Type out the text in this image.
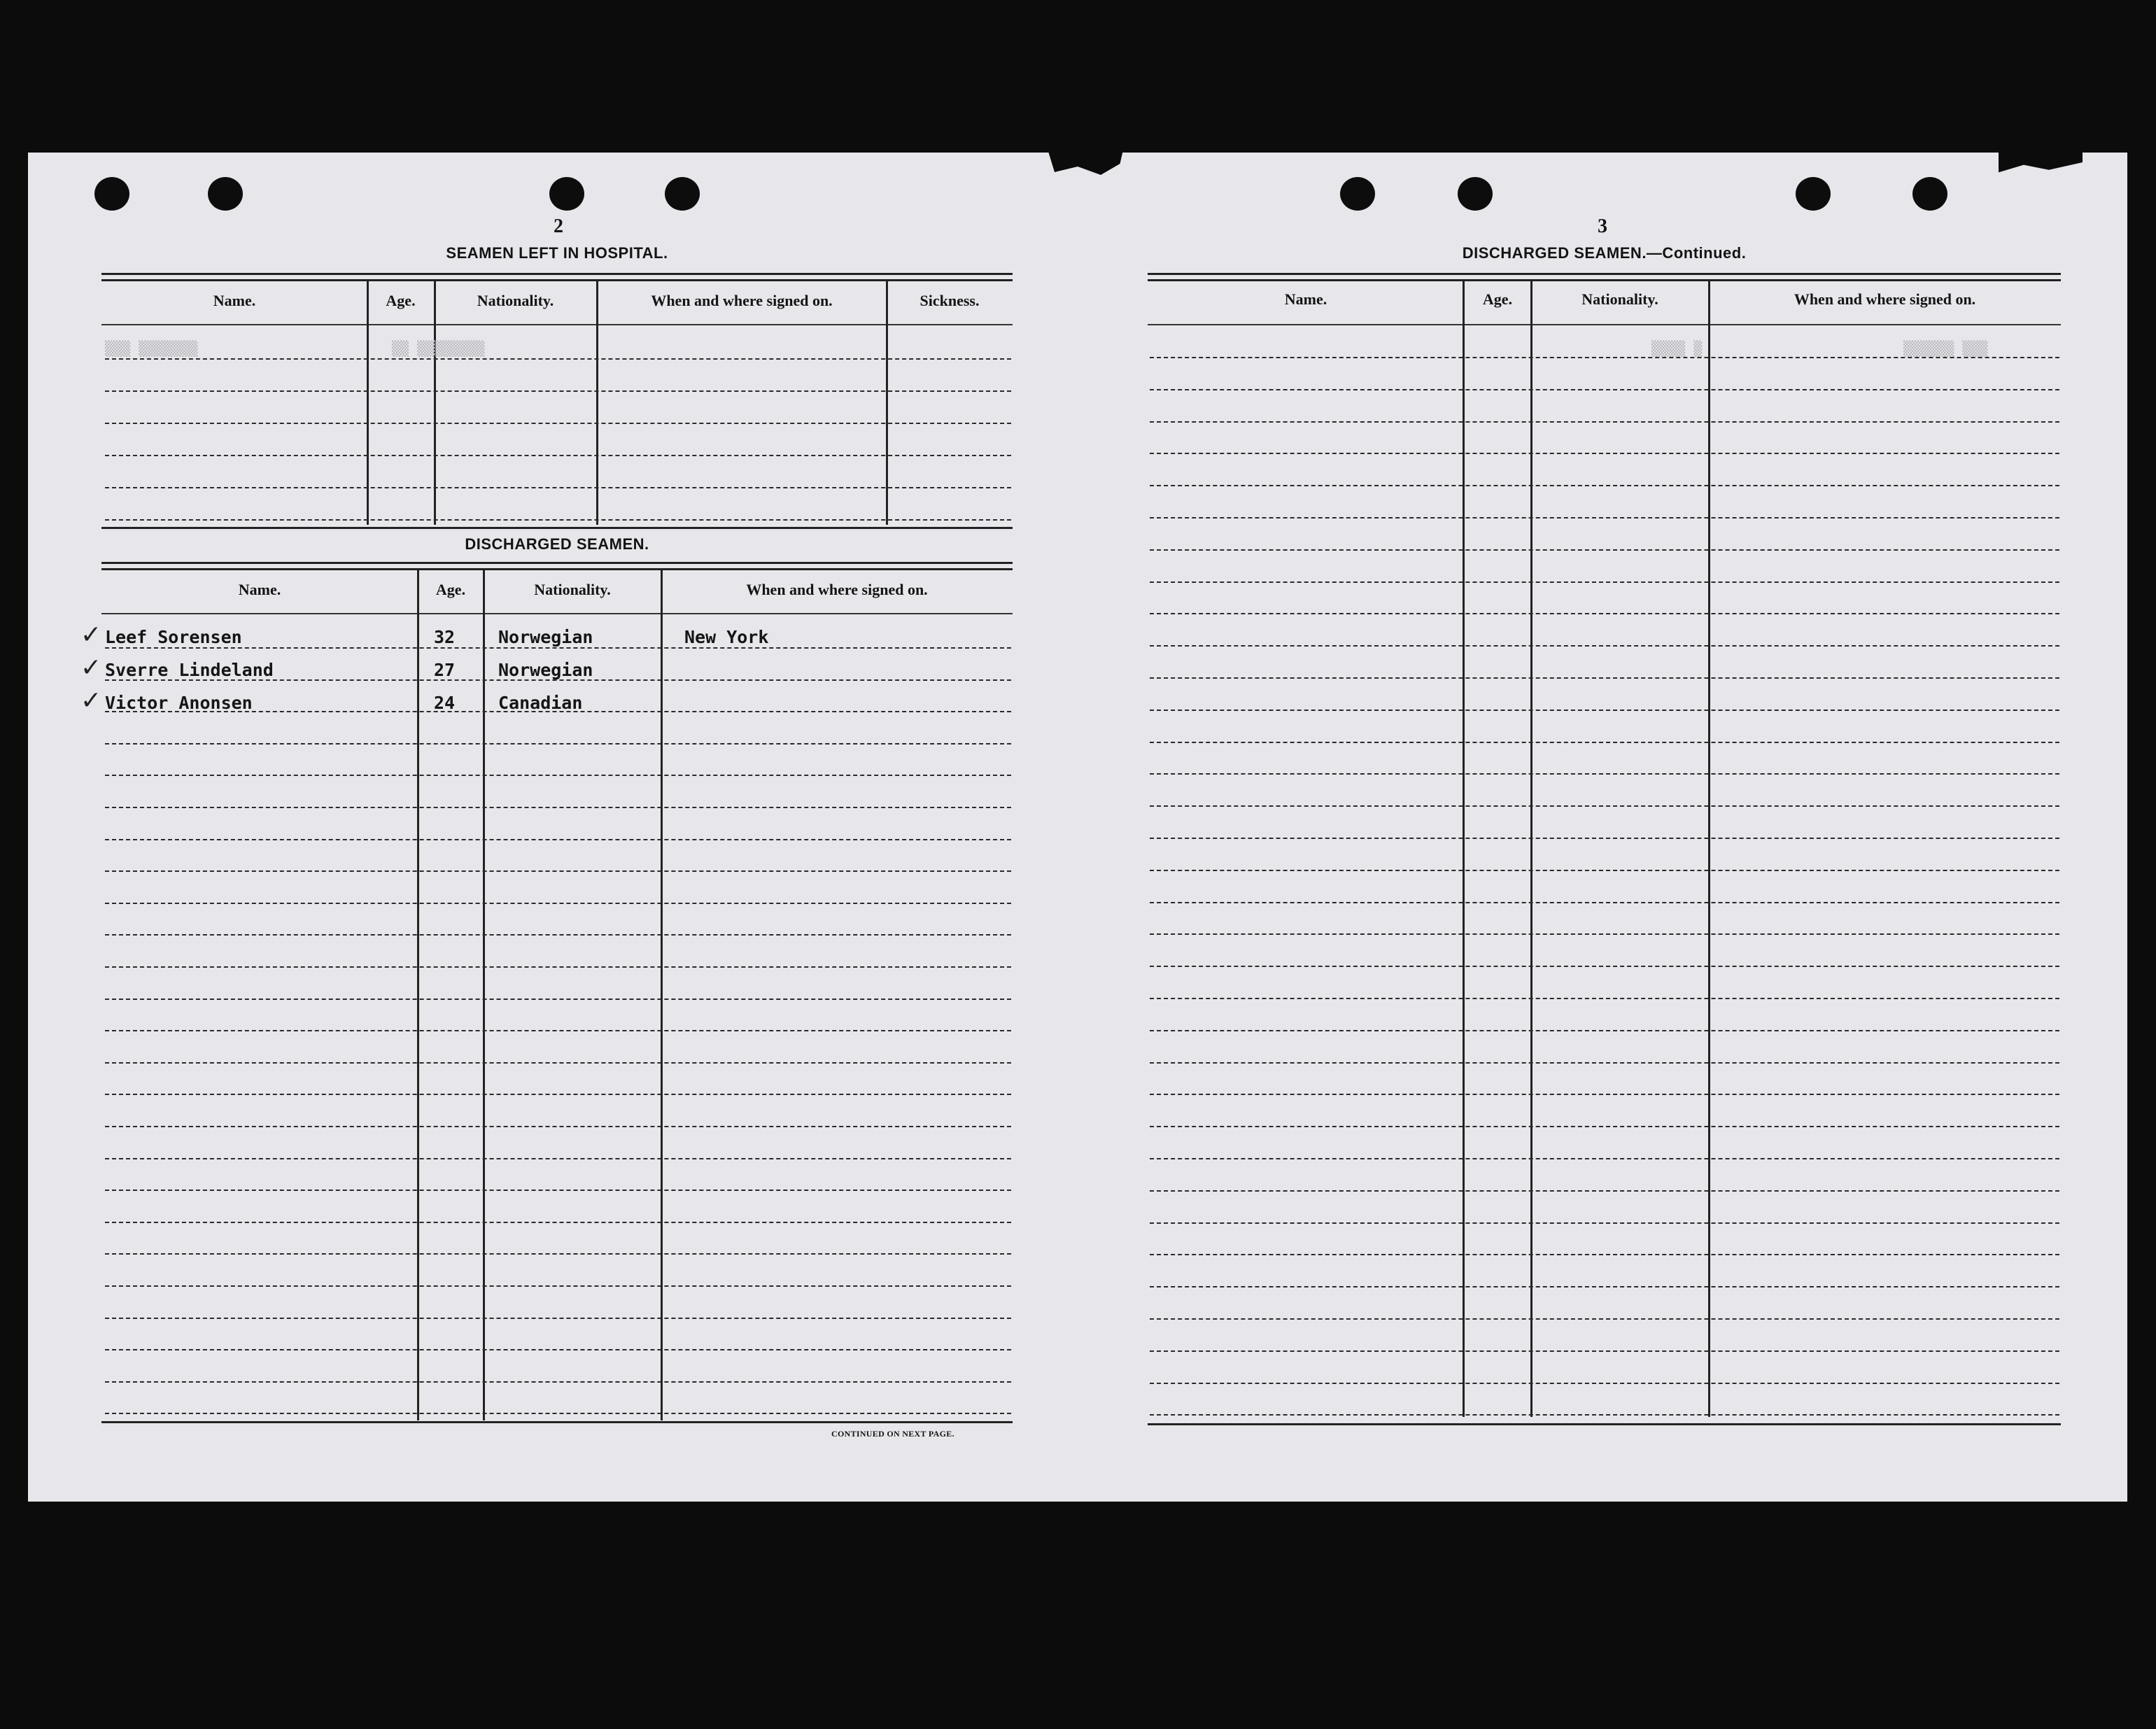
2
SEAMEN LEFT IN HOSPITAL.
Name.	Age.	Nationality.	When and where signed on.	Sickness.
▒▒▒ ▒▒▒▒▒▒▒	▒▒ ▒▒▒▒▒▒▒▒
DISCHARGED SEAMEN.
Name.	Age.	Nationality.	When and where signed on.
✓ Leef Sorensen	32 Norwegian	New York
✓ Sverre Lindeland	27 Norwegian
✓ Victor Anonsen	24 Canadian
CONTINUED ON NEXT PAGE.
3
DISCHARGED SEAMEN.—Continued.
Name.	Age.	Nationality.	When and where signed on.
▒▒▒▒ ▒	▒▒▒▒▒▒ ▒▒▒
